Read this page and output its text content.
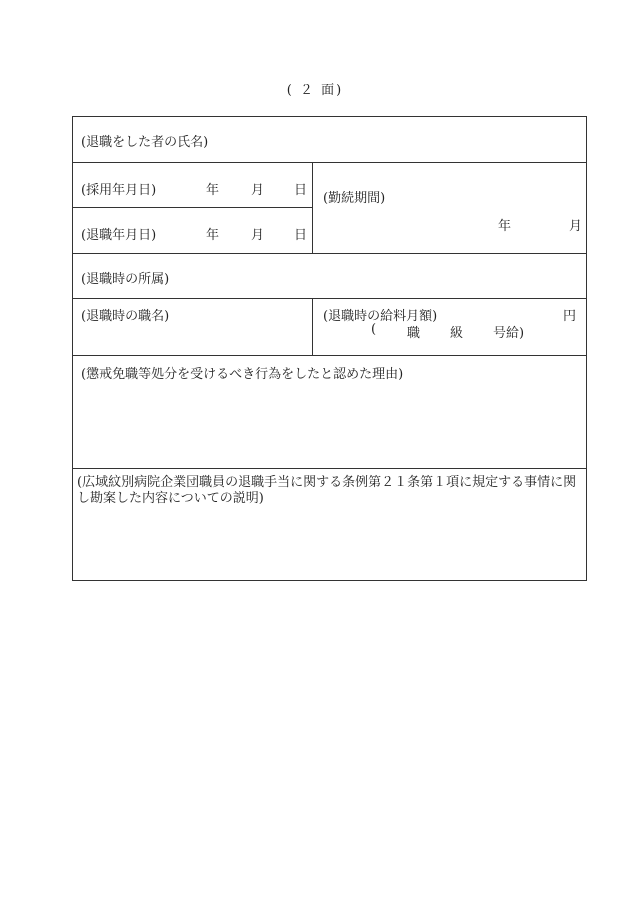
( ２ 面)
(退職をした者の氏名)
(採用年月日)	年 月 日
(退職年月日)	年 月 日
(勤続期間)
年	月
(退職時の所属)
(退職時の職名)	(退職時の給料月額)	円
( 職 級 号給)
(懲戒免職等処分を受けるべき行為をしたと認めた理由)
(広域紋別病院企業団職員の退職手当に関する条例第２１条第１項に規定する事情に関し勘案した内容についての説明)
